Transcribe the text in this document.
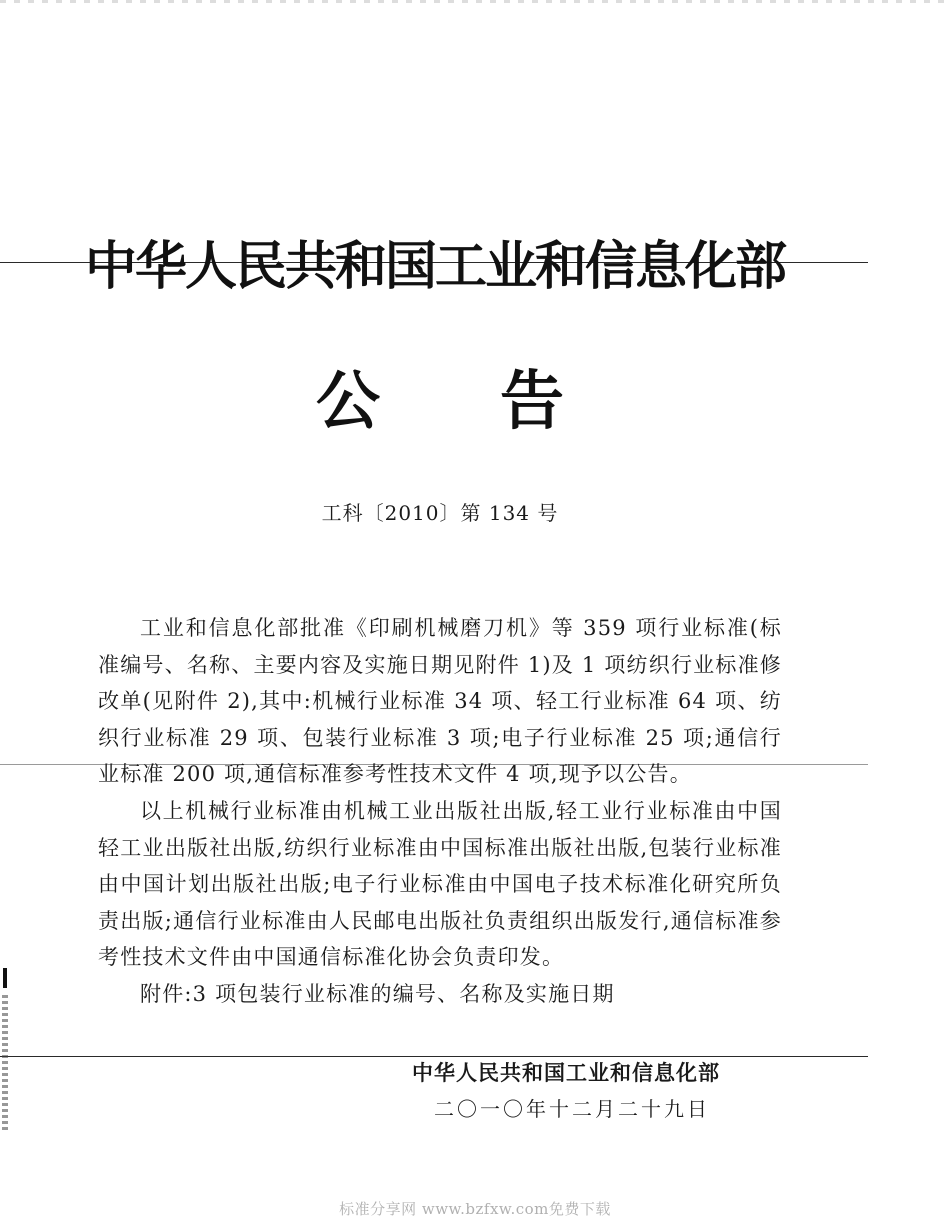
中华人民共和国工业和信息化部
公告
工科〔2010〕第 134 号

工业和信息化部批准《印刷机械磨刀机》等 359 项行业标准(标准编号、名称、主要内容及实施日期见附件 1)及 1 项纺织行业标准修改单(见附件 2),其中:机械行业标准 34 项、轻工行业标准 64 项、纺织行业标准 29 项、包装行业标准 3 项;电子行业标准 25 项;通信行业标准 200 项,通信标准参考性技术文件 4 项,现予以公告。

以上机械行业标准由机械工业出版社出版,轻工业行业标准由中国轻工业出版社出版,纺织行业标准由中国标准出版社出版,包装行业标准由中国计划出版社出版;电子行业标准由中国电子技术标准化研究所负责出版;通信行业标准由人民邮电出版社负责组织出版发行,通信标准参考性技术文件由中国通信标准化协会负责印发。

附件:3 项包装行业标准的编号、名称及实施日期

中华人民共和国工业和信息化部
二〇一〇年十二月二十九日
标准分享网 www.bzfxw.com免费下载
